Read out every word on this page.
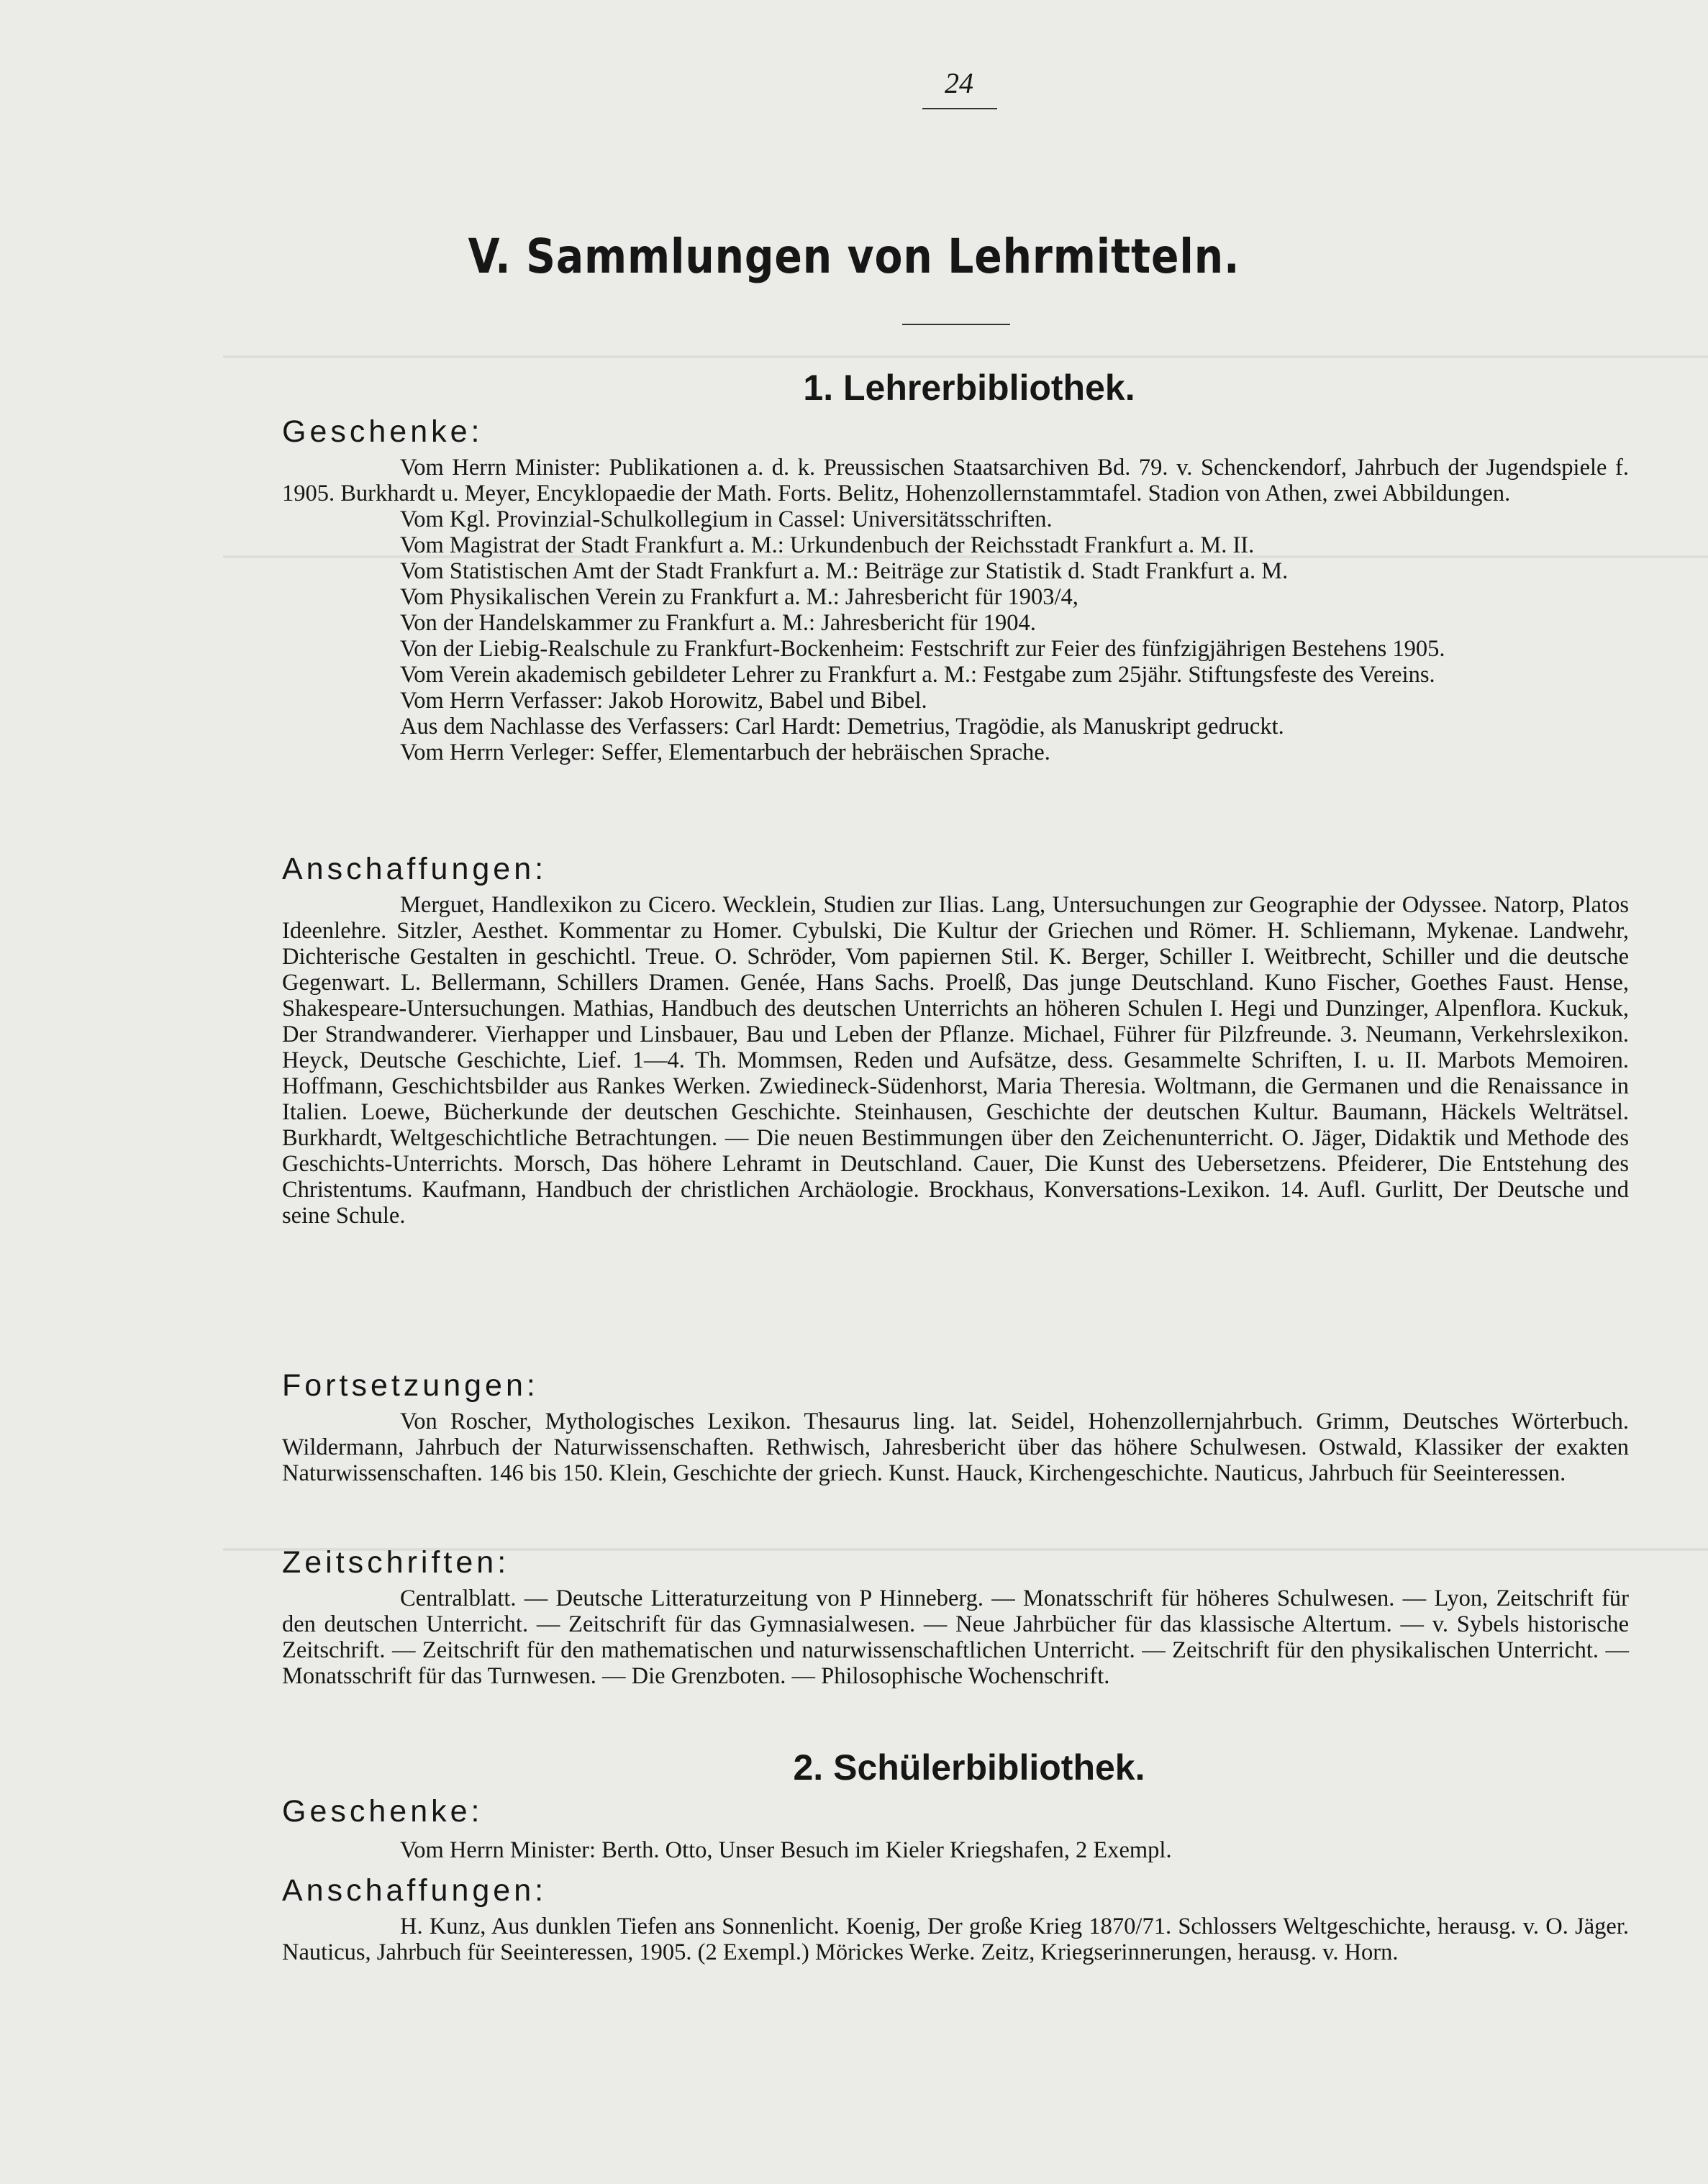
24
V. Sammlungen von Lehrmitteln.
1. Lehrerbibliothek.
Geschenke:

Vom Herrn Minister: Publikationen a. d. k. Preussischen Staatsarchiven Bd. 79. v. Schenckendorf, Jahrbuch der Jugendspiele f. 1905. Burkhardt u. Meyer, Encyklopaedie der Math. Forts. Belitz, Hohenzollernstammtafel. Stadion von Athen, zwei Abbildungen.

Vom Kgl. Provinzial-Schulkollegium in Cassel: Universitätsschriften.

Vom Magistrat der Stadt Frankfurt a. M.: Urkundenbuch der Reichsstadt Frankfurt a. M. II.

Vom Statistischen Amt der Stadt Frankfurt a. M.: Beiträge zur Statistik d. Stadt Frankfurt a. M.

Vom Physikalischen Verein zu Frankfurt a. M.: Jahresbericht für 1903/4,

Von der Handelskammer zu Frankfurt a. M.: Jahresbericht für 1904.

Von der Liebig-Realschule zu Frankfurt-Bockenheim: Festschrift zur Feier des fünfzigjährigen Bestehens 1905.

Vom Verein akademisch gebildeter Lehrer zu Frankfurt a. M.: Festgabe zum 25jähr. Stiftungsfeste des Vereins.

Vom Herrn Verfasser: Jakob Horowitz, Babel und Bibel.

Aus dem Nachlasse des Verfassers: Carl Hardt: Demetrius, Tragödie, als Manuskript gedruckt.

Vom Herrn Verleger: Seffer, Elementarbuch der hebräischen Sprache.

Anschaffungen:

Merguet, Handlexikon zu Cicero. Wecklein, Studien zur Ilias. Lang, Untersuchungen zur Geographie der Odyssee. Natorp, Platos Ideenlehre. Sitzler, Aesthet. Kommentar zu Homer. Cybulski, Die Kultur der Griechen und Römer. H. Schliemann, Mykenae. Landwehr, Dichterische Gestalten in geschichtl. Treue. O. Schröder, Vom papiernen Stil. K. Berger, Schiller I. Weitbrecht, Schiller und die deutsche Gegenwart. L. Bellermann, Schillers Dramen. Genée, Hans Sachs. Proelß, Das junge Deutschland. Kuno Fischer, Goethes Faust. Hense, Shakespeare-Untersuchungen. Mathias, Handbuch des deutschen Unterrichts an höheren Schulen I. Hegi und Dunzinger, Alpenflora. Kuckuk, Der Strandwanderer. Vierhapper und Linsbauer, Bau und Leben der Pflanze. Michael, Führer für Pilzfreunde. 3. Neumann, Verkehrslexikon. Heyck, Deutsche Geschichte, Lief. 1—4. Th. Mommsen, Reden und Aufsätze, dess. Gesammelte Schriften, I. u. II. Marbots Memoiren. Hoffmann, Geschichtsbilder aus Rankes Werken. Zwiedineck-Südenhorst, Maria Theresia. Woltmann, die Germanen und die Renaissance in Italien. Loewe, Bücherkunde der deutschen Geschichte. Steinhausen, Geschichte der deutschen Kultur. Baumann, Häckels Welträtsel. Burkhardt, Weltgeschichtliche Betrachtungen. — Die neuen Bestimmungen über den Zeichenunterricht. O. Jäger, Didaktik und Methode des Geschichts-Unterrichts. Morsch, Das höhere Lehramt in Deutschland. Cauer, Die Kunst des Uebersetzens. Pfeiderer, Die Entstehung des Christentums. Kaufmann, Handbuch der christlichen Archäologie. Brockhaus, Konversations-Lexikon. 14. Aufl. Gurlitt, Der Deutsche und seine Schule.

Fortsetzungen:

Von Roscher, Mythologisches Lexikon. Thesaurus ling. lat. Seidel, Hohenzollernjahrbuch. Grimm, Deutsches Wörterbuch. Wildermann, Jahrbuch der Naturwissenschaften. Rethwisch, Jahresbericht über das höhere Schulwesen. Ostwald, Klassiker der exakten Naturwissenschaften. 146 bis 150. Klein, Geschichte der griech. Kunst. Hauck, Kirchengeschichte. Nauticus, Jahrbuch für Seeinteressen.

Zeitschriften:

Centralblatt. — Deutsche Litteraturzeitung von P Hinneberg. — Monatsschrift für höheres Schulwesen. — Lyon, Zeitschrift für den deutschen Unterricht. — Zeitschrift für das Gymnasialwesen. — Neue Jahrbücher für das klassische Altertum. — v. Sybels historische Zeitschrift. — Zeitschrift für den mathematischen und naturwissenschaftlichen Unterricht. — Zeitschrift für den physikalischen Unterricht. — Monatsschrift für das Turnwesen. — Die Grenzboten. — Philosophische Wochenschrift.

2. Schülerbibliothek.
Geschenke:

Vom Herrn Minister: Berth. Otto, Unser Besuch im Kieler Kriegshafen, 2 Exempl.

Anschaffungen:

H. Kunz, Aus dunklen Tiefen ans Sonnenlicht. Koenig, Der große Krieg 1870/71. Schlossers Weltgeschichte, herausg. v. O. Jäger. Nauticus, Jahrbuch für Seeinteressen, 1905. (2 Exempl.) Mörickes Werke. Zeitz, Kriegserinnerungen, herausg. v. Horn.
